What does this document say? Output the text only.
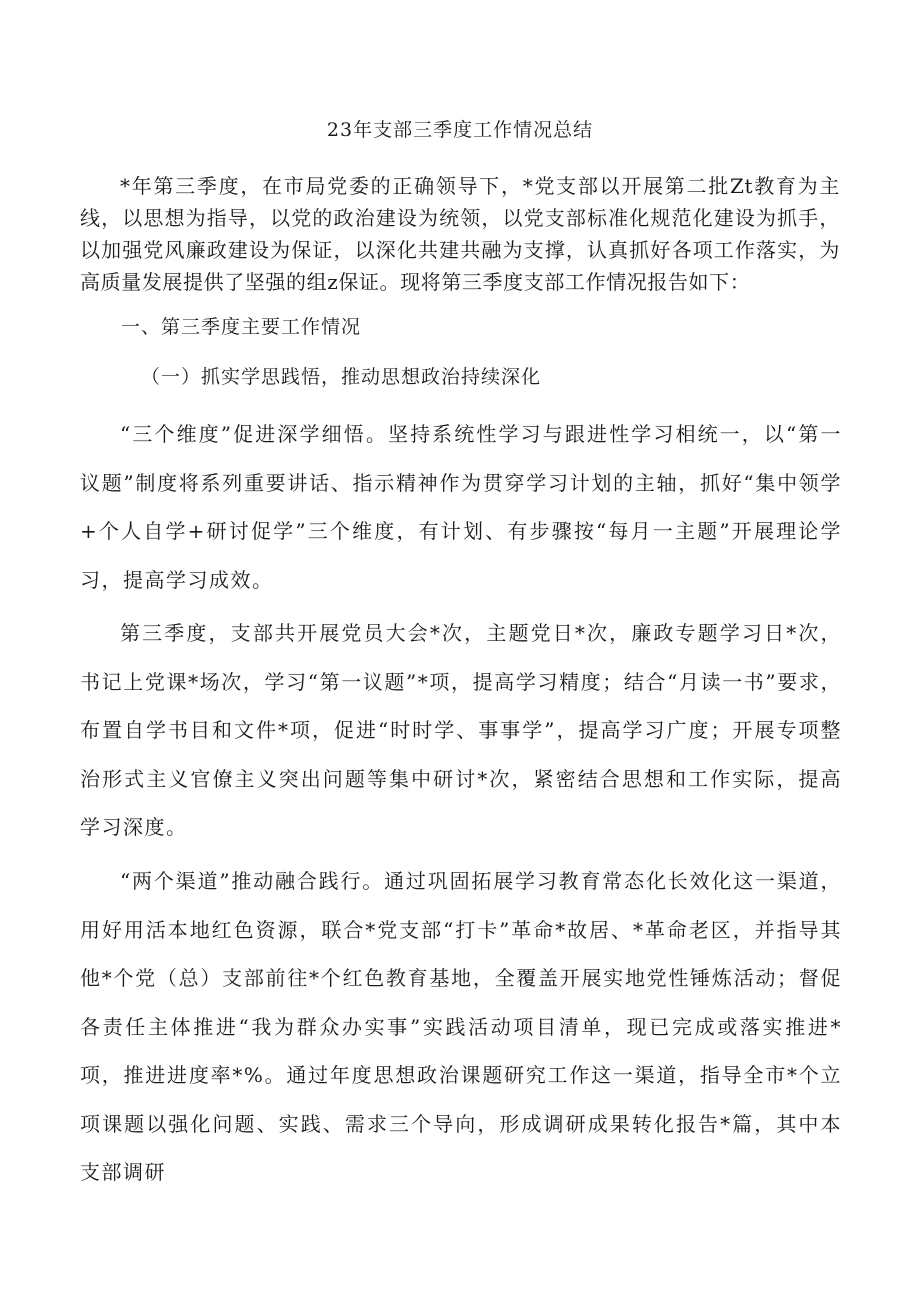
23年支部三季度工作情况总结

*年第三季度，在市局党委的正确领导下，*党支部以开展第二批Zt教育为主线，以思想为指导，以党的政治建设为统领，以党支部标准化规范化建设为抓手，以加强党风廉政建设为保证，以深化共建共融为支撑，认真抓好各项工作落实，为高质量发展提供了坚强的组z保证。现将第三季度支部工作情况报告如下：

一、第三季度主要工作情况

（一）抓实学思践悟，推动思想政治持续深化

“三个维度”促进深学细悟。坚持系统性学习与跟进性学习相统一，以“第一议题”制度将系列重要讲话、指示精神作为贯穿学习计划的主轴，抓好“集中领学+个人自学+研讨促学”三个维度，有计划、有步骤按“每月一主题”开展理论学习，提高学习成效。

第三季度，支部共开展党员大会*次，主题党日*次，廉政专题学习日*次，书记上党课*场次，学习“第一议题”*项，提高学习精度；结合“月读一书”要求，布置自学书目和文件*项，促进“时时学、事事学”，提高学习广度；开展专项整治形式主义官僚主义突出问题等集中研讨*次，紧密结合思想和工作实际，提高学习深度。

“两个渠道”推动融合践行。通过巩固拓展学习教育常态化长效化这一渠道，用好用活本地红色资源，联合*党支部“打卡”革命*故居、*革命老区，并指导其他*个党（总）支部前往*个红色教育基地，全覆盖开展实地党性锤炼活动；督促各责任主体推进“我为群众办实事”实践活动项目清单，现已完成或落实推进*项，推进进度率*%。通过年度思想政治课题研究工作这一渠道，指导全市*个立项课题以强化问题、实践、需求三个导向，形成调研成果转化报告*篇，其中本支部调研
